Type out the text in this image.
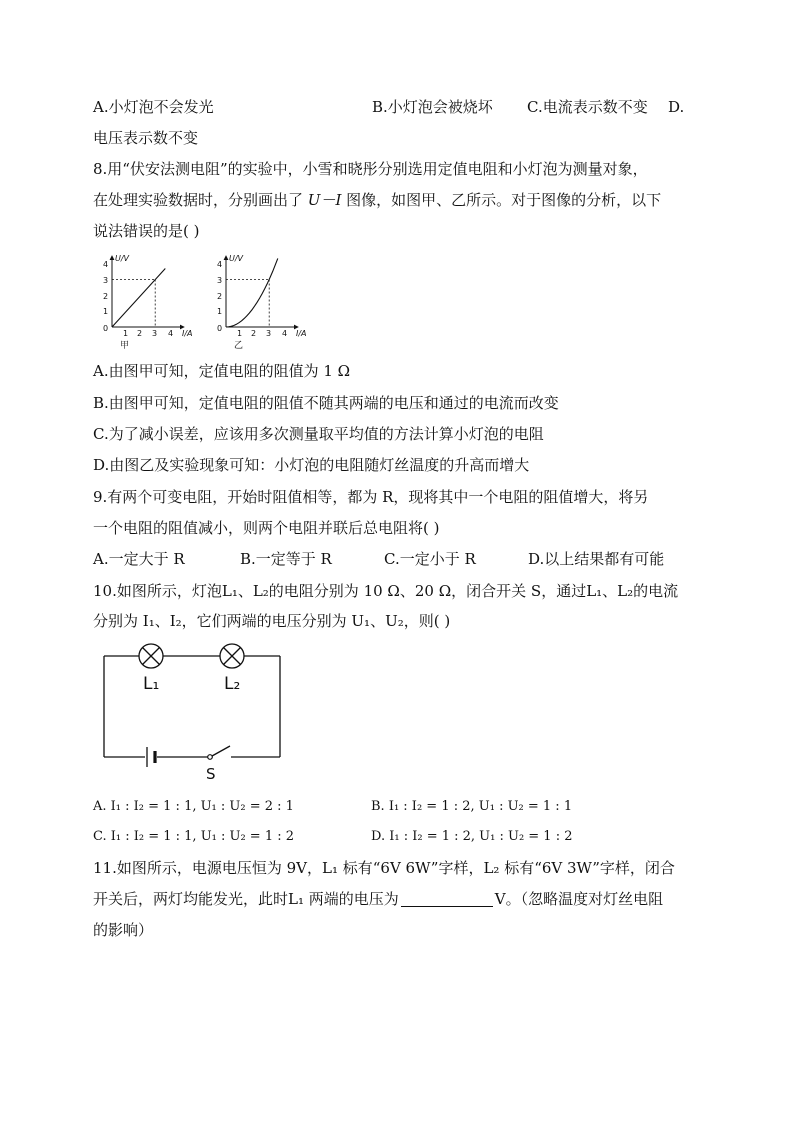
A.小灯泡不会发光	B.小灯泡会被烧坏 C.电流表示数不变 D.
电压表示数不变
8.用“伏安法测电阻”的实验中，小雪和晓彤分别选用定值电阻和小灯泡为测量对象，
在处理实验数据时，分别画出了 U－I 图像，如图甲、乙所示。对于图像的分析，以下
说法错误的是( )
U/V
I/A
4
3
2
1
0
1 2 3 4
甲
U/V
I/A
4
3
2
1
0
1 2 3 4
乙
A.由图甲可知，定值电阻的阻值为 1 Ω
B.由图甲可知，定值电阻的阻值不随其两端的电压和通过的电流而改变
C.为了减小误差，应该用多次测量取平均值的方法计算小灯泡的电阻
D.由图乙及实验现象可知：小灯泡的电阻随灯丝温度的升高而增大
9.有两个可变电阻，开始时阻值相等，都为 R，现将其中一个电阻的阻值增大，将另
一个电阻的阻值减小，则两个电阻并联后总电阻将( )
A.一定大于 R	B.一定等于 R	C.一定小于 R	D.以上结果都有可能
10.如图所示，灯泡L₁、L₂的电阻分别为 10 Ω、20 Ω，闭合开关 S，通过L₁、L₂的电流
分别为 I₁、I₂，它们两端的电压分别为 U₁、U₂，则( )
L₁	L₂
S
A. I₁ : I₂ = 1 : 1, U₁ : U₂ = 2 : 1	B. I₁ : I₂ = 1 : 2, U₁ : U₂ = 1 : 1
C. I₁ : I₂ = 1 : 1, U₁ : U₂ = 1 : 2	D. I₁ : I₂ = 1 : 2, U₁ : U₂ = 1 : 2
11.如图所示，电源电压恒为 9V，L₁ 标有“6V 6W”字样，L₂ 标有“6V 3W”字样，闭合
开关后，两灯均能发光，此时L₁ 两端的电压为	V。（忽略温度对灯丝电阻
的影响）
